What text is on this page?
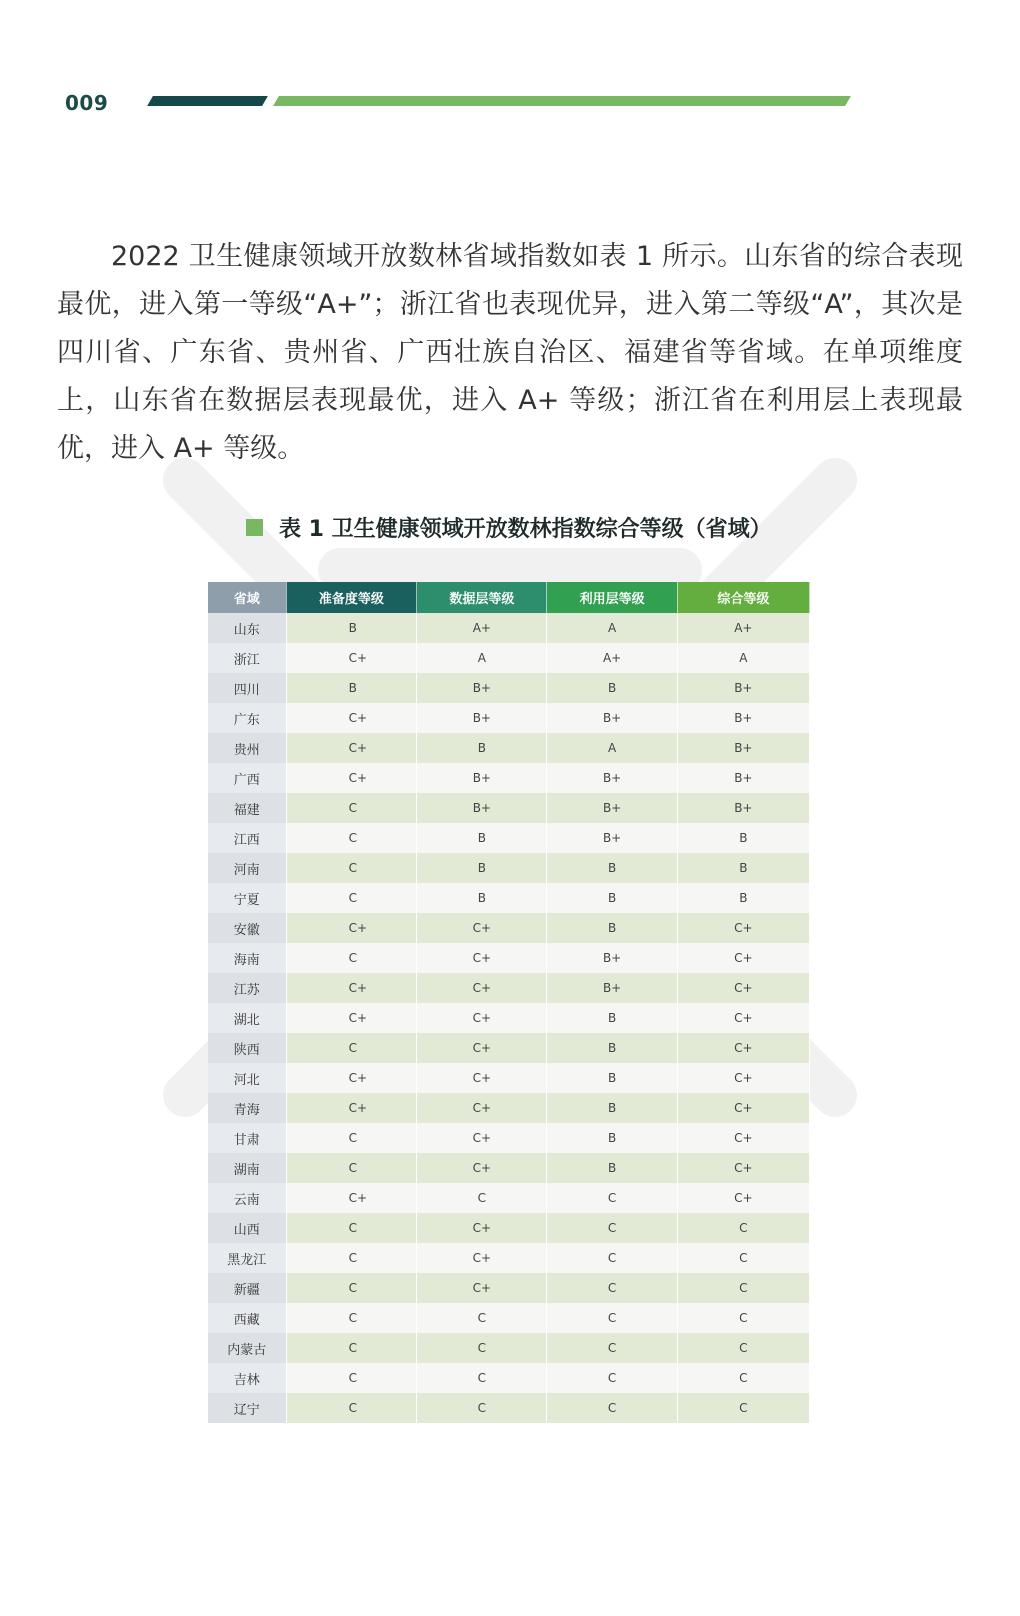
009

2022 卫生健康领域开放数林省域指数如表 1 所示。山东省的综合表现最优，进入第一等级“A+”；浙江省也表现优异，进入第二等级“A”，其次是四川省、广东省、贵州省、广西壮族自治区、福建省等省域。在单项维度上，山东省在数据层表现最优，进入 A+ 等级；浙江省在利用层上表现最优，进入 A+ 等级。

表 1 卫生健康领域开放数林指数综合等级（省域）
省域	准备度等级	数据层等级	利用层等级	综合等级
山东	B	A+	A	A+
浙江	C+	A	A+	A
四川	B	B+	B	B+
广东	C+	B+	B+	B+
贵州	C+	B	A	B+
广西	C+	B+	B+	B+
福建	C	B+	B+	B+
江西	C	B	B+	B
河南	C	B	B	B
宁夏	C	B	B	B
安徽	C+	C+	B	C+
海南	C	C+	B+	C+
江苏	C+	C+	B+	C+
湖北	C+	C+	B	C+
陕西	C	C+	B	C+
河北	C+	C+	B	C+
青海	C+	C+	B	C+
甘肃	C	C+	B	C+
湖南	C	C+	B	C+
云南	C+	C	C	C+
山西	C	C+	C	C
黑龙江	C	C+	C	C
新疆	C	C+	C	C
西藏	C	C	C	C
内蒙古	C	C	C	C
吉林	C	C	C	C
辽宁	C	C	C	C
